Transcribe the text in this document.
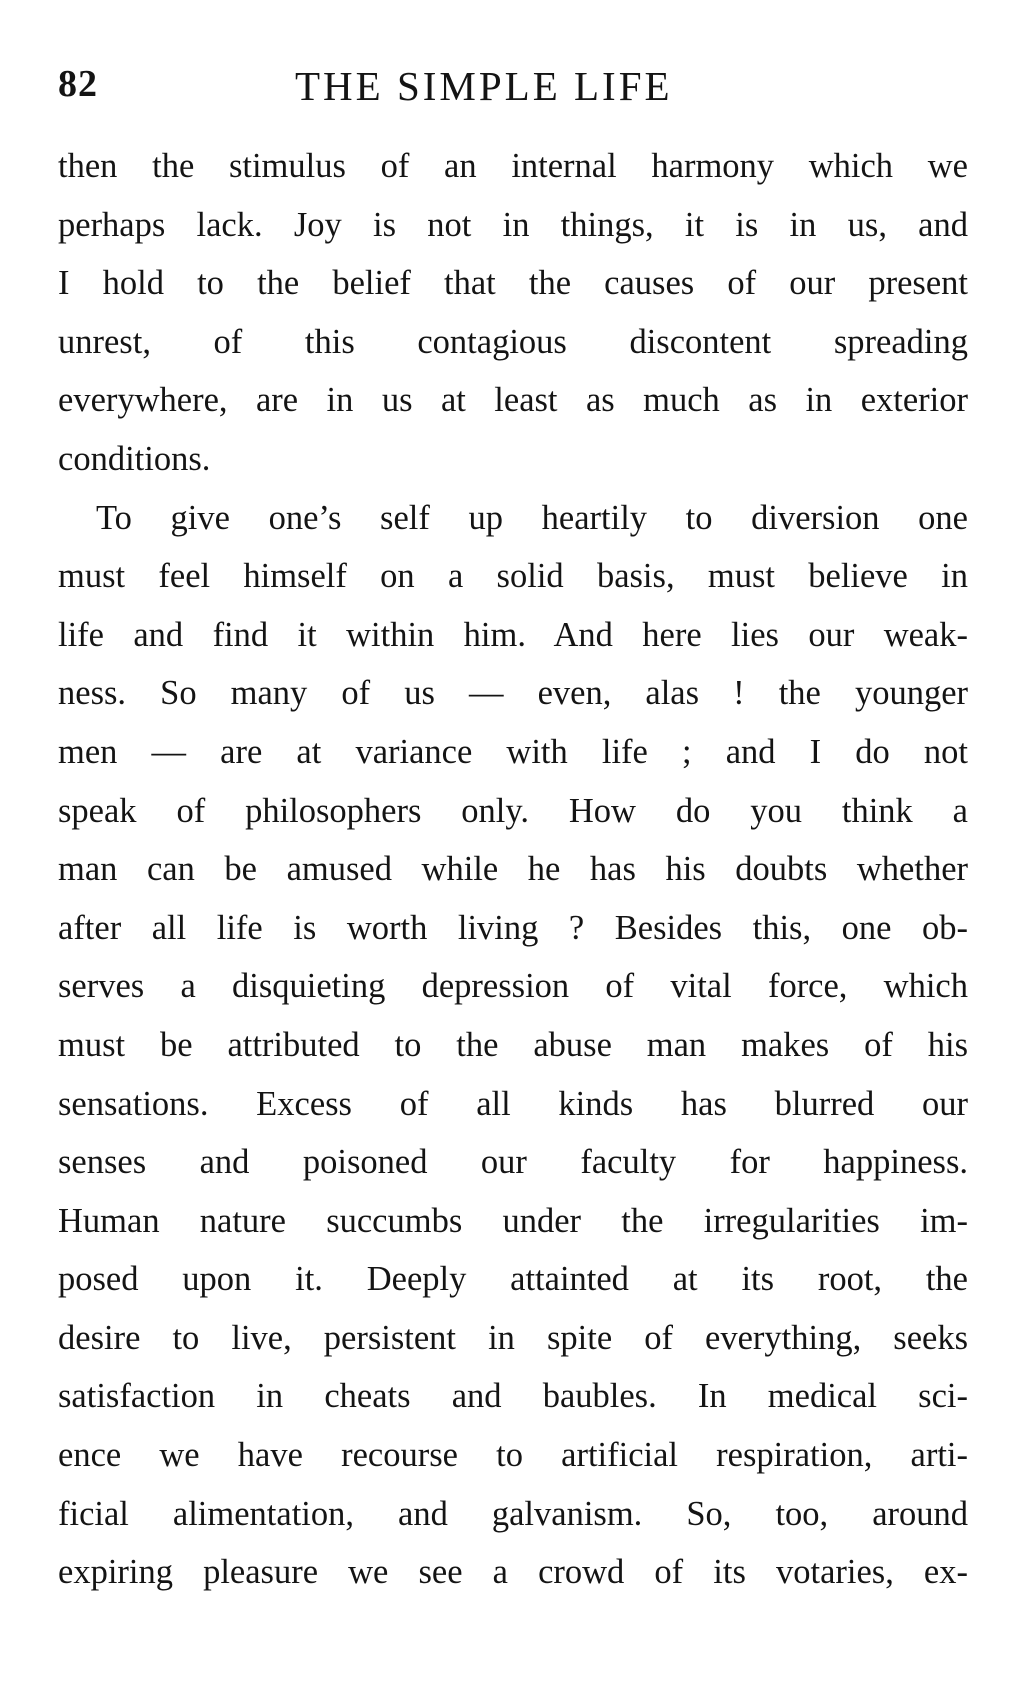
82	THE SIMPLE LIFE
then the stimulus of an internal harmony which we
perhaps lack. Joy is not in things, it is in us, and
I hold to the belief that the causes of our present
unrest, of this contagious discontent spreading
everywhere, are in us at least as much as in exterior
conditions.
To give one’s self up heartily to diversion one
must feel himself on a solid basis, must believe in
life and find it within him. And here lies our weak-
ness. So many of us — even, alas ! the younger
men — are at variance with life ; and I do not
speak of philosophers only. How do you think a
man can be amused while he has his doubts whether
after all life is worth living ? Besides this, one ob-
serves a disquieting depression of vital force, which
must be attributed to the abuse man makes of his
sensations. Excess of all kinds has blurred our
senses and poisoned our faculty for happiness.
Human nature succumbs under the irregularities im-
posed upon it. Deeply attainted at its root, the
desire to live, persistent in spite of everything, seeks
satisfaction in cheats and baubles. In medical sci-
ence we have recourse to artificial respiration, arti-
ficial alimentation, and galvanism. So, too, around
expiring pleasure we see a crowd of its votaries, ex-
